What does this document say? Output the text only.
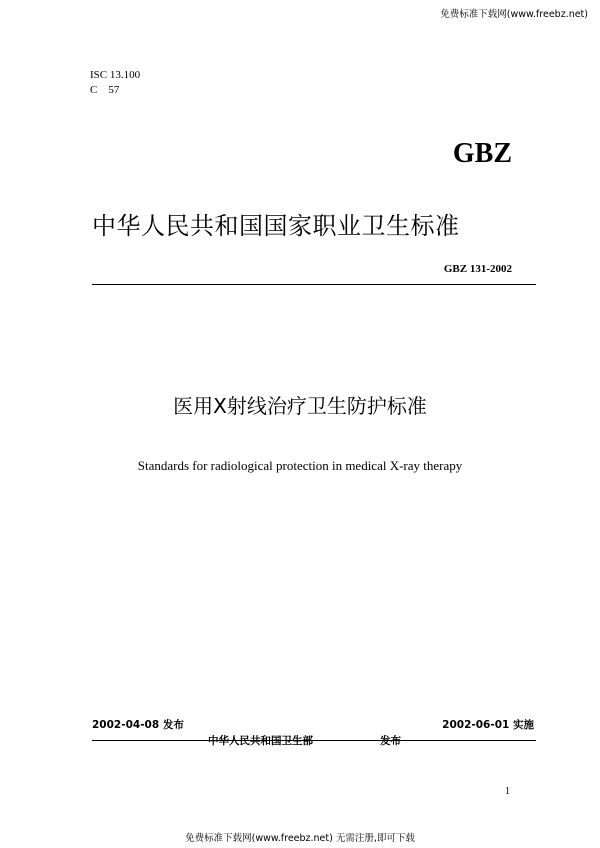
免费标准下载网(www.freebz.net)
ISC 13.100
C    57
GBZ
中华人民共和国国家职业卫生标准
GBZ 131-2002
医用X射线治疗卫生防护标准
Standards for radiological protection in medical X-ray therapy
2002-04-08 发布	2002-06-01 实施
中华人民共和国卫生部	发布
1
免费标准下载网(www.freebz.net) 无需注册,即可下载
